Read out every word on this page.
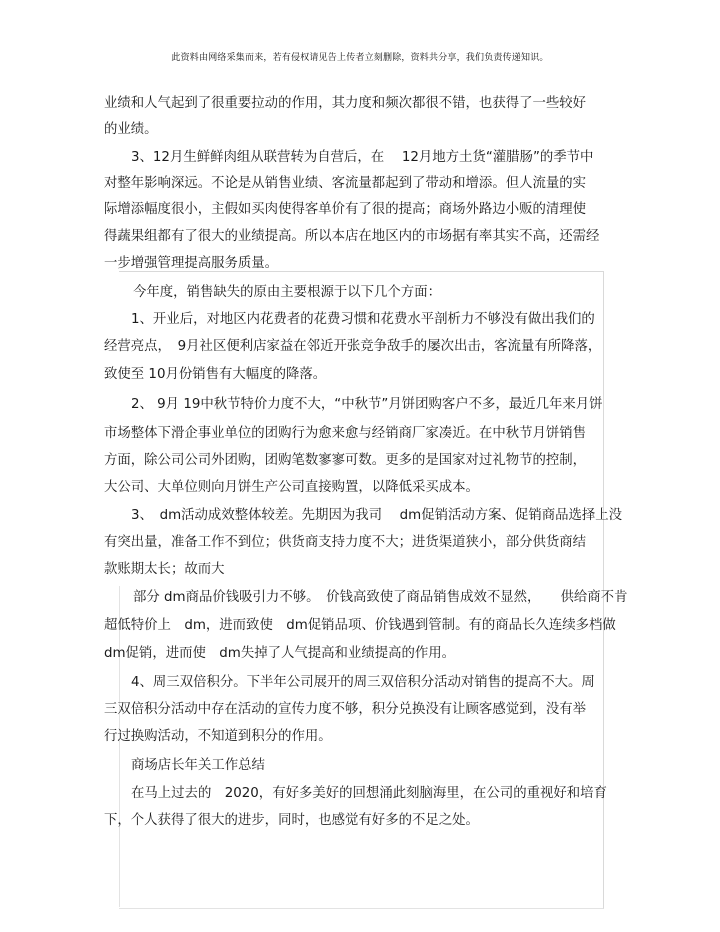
此资料由网络采集而来，若有侵权请见告上传者立刻删除，资料共分享，我们负责传递知识。
业绩和人气起到了很重要拉动的作用，其力度和频次都很不错，也获得了一些较好
的业绩。
3、12月生鲜鲜肉组从联营转为自营后，在　 12月地方土货“灌腊肠”的季节中
对整年影响深远。不论是从销售业绩、客流量都起到了带动和增添。但人流量的实
际增添幅度很小，主假如买肉使得客单价有了很的提高；商场外路边小贩的清理使
得蔬果组都有了很大的业绩提高。所以本店在地区内的市场据有率其实不高，还需经
一步增强管理提高服务质量。
今年度，销售缺失的原由主要根源于以下几个方面：
1、开业后，对地区内花费者的花费习惯和花费水平剖析力不够没有做出我们的
经营亮点，　9月社区便利店家益在邻近开张竞争敌手的屡次出击，客流量有所降落，
致使至 10月份销售有大幅度的降落。
2、 9月 19中秋节特价力度不大，“中秋节”月饼团购客户不多，最近几年来月饼
市场整体下滑企事业单位的团购行为愈来愈与经销商厂家凑近。在中秋节月饼销售
方面，除公司公司外团购，团购笔数寥寥可数。更多的是国家对过礼物节的控制，
大公司、大单位则向月饼生产公司直接购置，以降低采买成本。
3、　dm活动成效整体较差。先期因为我司　 dm促销活动方案、促销商品选择上没
有突出量，准备工作不到位；供货商支持力度不大；进货渠道狭小，部分供货商结
款账期太长；故而大
部分 dm商品价钱吸引力不够。　价钱高致使了商品销售成效不显然，　　供给商不肯
超低特价上　dm，进而致使　dm促销品项、价钱遇到管制。有的商品长久连续多档做
dm促销，进而使　dm失掉了人气提高和业绩提高的作用。
4、周三双倍积分。下半年公司展开的周三双倍积分活动对销售的提高不大。周
三双倍积分活动中存在活动的宣传力度不够，积分兑换没有让顾客感觉到，没有举
行过换购活动，不知道到积分的作用。
商场店长年关工作总结
在马上过去的　2020，有好多美好的回想涌此刻脑海里，在公司的重视好和培育
下，个人获得了很大的进步，同时，也感觉有好多的不足之处。
